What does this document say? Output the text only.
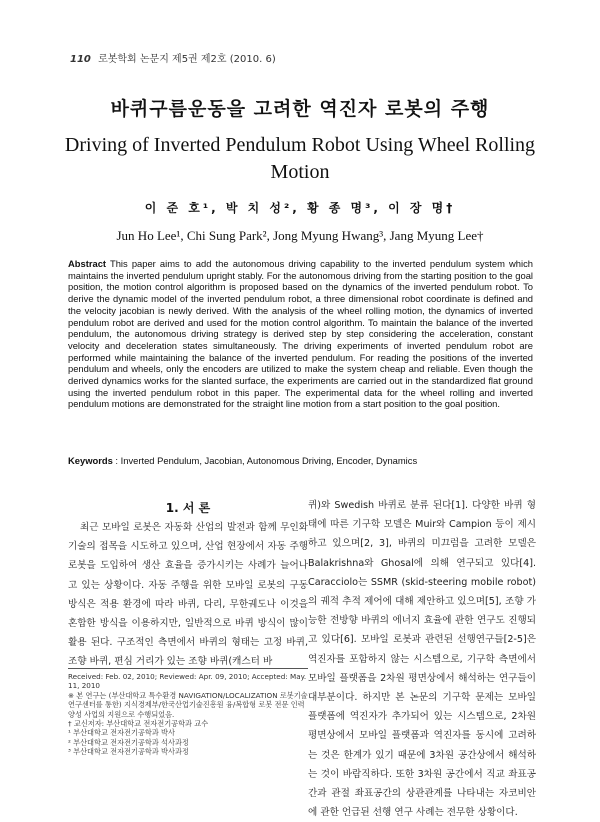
110 로봇학회 논문지 제5권 제2호 (2010. 6)
바퀴구름운동을 고려한 역진자 로봇의 주행
Driving of Inverted Pendulum Robot Using Wheel Rolling Motion
이 준 호¹, 박 치 성², 황 종 명³, 이 장 명†
Jun Ho Lee¹, Chi Sung Park², Jong Myung Hwang³, Jang Myung Lee†
Abstract This paper aims to add the autonomous driving capability to the inverted pendulum system which maintains the inverted pendulum upright stably. For the autonomous driving from the starting position to the goal position, the motion control algorithm is proposed based on the dynamics of the inverted pendulum robot. To derive the dynamic model of the inverted pendulum robot, a three dimensional robot coordinate is defined and the velocity jacobian is newly derived. With the analysis of the wheel rolling motion, the dynamics of inverted pendulum robot are derived and used for the motion control algorithm. To maintain the balance of the inverted pendulum, the autonomous driving strategy is derived step by step considering the acceleration, constant velocity and deceleration states simultaneously. The driving experiments of inverted pendulum robot are performed while maintaining the balance of the inverted pendulum. For reading the positions of the inverted pendulum and wheels, only the encoders are utilized to make the system cheap and reliable. Even though the derived dynamics works for the slanted surface, the experiments are carried out in the standardized flat ground using the inverted pendulum robot in this paper. The experimental data for the wheel rolling and inverted pendulum motions are demonstrated for the straight line motion from a start position to the goal position.
Keywords : Inverted Pendulum, Jacobian, Autonomous Driving, Encoder, Dynamics
1. 서 론
최근 모바일 로봇은 자동화 산업의 발전과 함께 무인화 기술의 접목을 시도하고 있으며, 산업 현장에서 자동 주행 로봇을 도입하여 생산 효율을 증가시키는 사례가 늘어나고 있는 상황이다. 자동 주행을 위한 모바일 로봇의 구동 방식은 적용 환경에 따라 바퀴, 다리, 무한궤도나 이것을 혼합한 방식을 이용하지만, 일반적으로 바퀴 방식이 많이 활용 된다. 구조적인 측면에서 바퀴의 형태는 고정 바퀴, 조향 바퀴, 편심 거리가 있는 조향 바퀴(캐스터 바
퀴)와 Swedish 바퀴로 분류 된다[1]. 다양한 바퀴 형태에 따른 기구학 모델은 Muir와 Campion 등이 제시하고 있으며[2, 3], 바퀴의 미끄럼을 고려한 모델은 Balakrishna와 Ghosal에 의해 연구되고 있다[4]. Caracciolo는 SSMR (skid-steering mobile robot)의 궤적 추적 제어에 대해 제안하고 있으며[5], 조향 가능한 전방향 바퀴의 에너지 효율에 관한 연구도 진행되고 있다[6]. 모바일 로봇과 관련된 선행연구들[2-5]은 역진자를 포함하지 않는 시스템으로, 기구학 측면에서 모바일 플랫폼을 2차원 평면상에서 해석하는 연구들이 대부분이다. 하지만 본 논문의 기구학 문제는 모바일 플랫폼에 역진자가 추가되어 있는 시스템으로, 2차원 평면상에서 모바일 플랫폼과 역진자를 동시에 고려하는 것은 한계가 있기 때문에 3차원 공간상에서 해석하는 것이 바람직하다. 또한 3차원 공간에서 직교 좌표공간과 관절 좌표공간의 상관관계를 나타내는 자코비안에 관한 언급된 선행 연구 사례는 전무한 상황이다.

Received: Feb. 02, 2010; Reviewed: Apr. 09, 2010; Accepted: May. 11, 2010

※ 본 연구는 (부산대학교 특수환경 NAVIGATION/LOCALIZATION 로봇기술 연구센터를 통한) 지식경제부/한국산업기술진흥원 융/복합형 로봇 전문 인력 양성 사업의 지원으로 수행되었음.

† 교신저자: 부산대학교 전자전기공학과 교수

¹ 부산대학교 전자전기공학과 박사

² 부산대학교 전자전기공학과 석사과정

³ 부산대학교 전자전기공학과 박사과정
